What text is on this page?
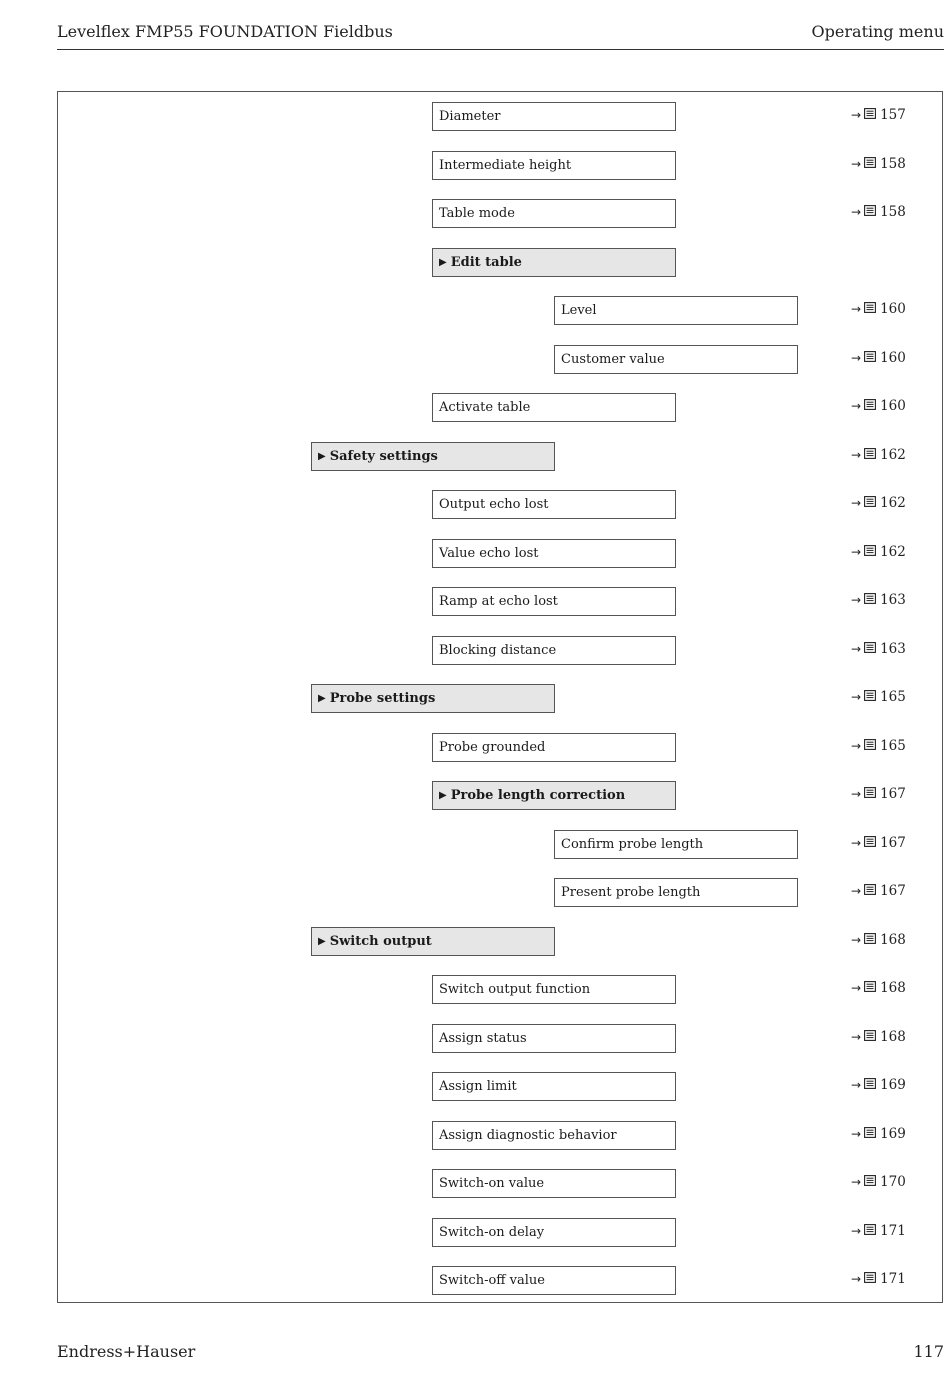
Levelflex FMP55 FOUNDATION Fieldbus	Operating menu
Diameter	→ 157
Intermediate height	→ 158
Table mode	→ 158
▶ Edit table
Level	→ 160
Customer value	→ 160
Activate table	→ 160
▶ Safety settings	→ 162
Output echo lost	→ 162
Value echo lost	→ 162
Ramp at echo lost	→ 163
Blocking distance	→ 163
▶ Probe settings	→ 165
Probe grounded	→ 165
▶ Probe length correction	→ 167
Confirm probe length	→ 167
Present probe length	→ 167
▶ Switch output	→ 168
Switch output function	→ 168
Assign status	→ 168
Assign limit	→ 169
Assign diagnostic behavior	→ 169
Switch-on value	→ 170
Switch-on delay	→ 171
Switch-off value	→ 171
Endress+Hauser	117
